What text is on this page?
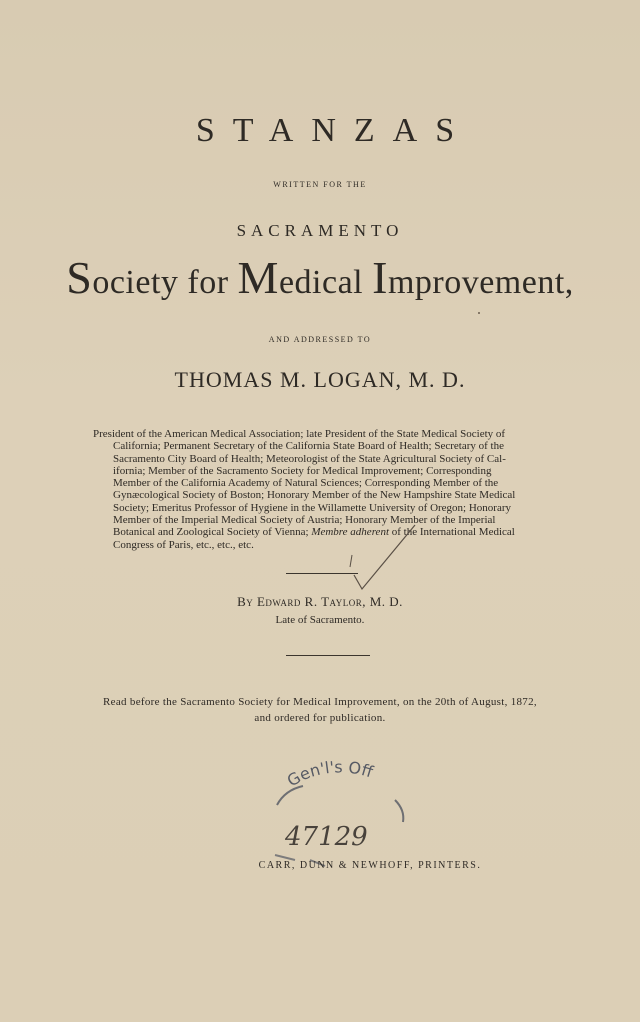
STANZAS
WRITTEN FOR THE
SACRAMENTO
Society for Medical Improvement,
AND ADDRESSED TO
THOMAS M. LOGAN, M. D.
President of the American Medical Association; late President of the State Medical Society of
California; Permanent Secretary of the California State Board of Health; Secretary of the
Sacramento City Board of Health; Meteorologist of the State Agricultural Society of Cal-
ifornia; Member of the Sacramento Society for Medical Improvement; Corresponding
Member of the California Academy of Natural Sciences; Corresponding Member of the
Gynæcological Society of Boston; Honorary Member of the New Hampshire State Medical
Society; Emeritus Professor of Hygiene in the Willamette University of Oregon; Honorary
Member of the Imperial Medical Society of Austria; Honorary Member of the Imperial
Botanical and Zoological Society of Vienna; Membre adherent of the International Medical
Congress of Paris, etc., etc., etc.
By Edward R. Taylor, M. D.
Late of Sacramento.
Read before the Sacramento Society for Medical Improvement, on the 20th of August, 1872,
and ordered for publication.
Gen'l's Off
47129
CARR, DUNN & NEWHOFF, PRINTERS.
